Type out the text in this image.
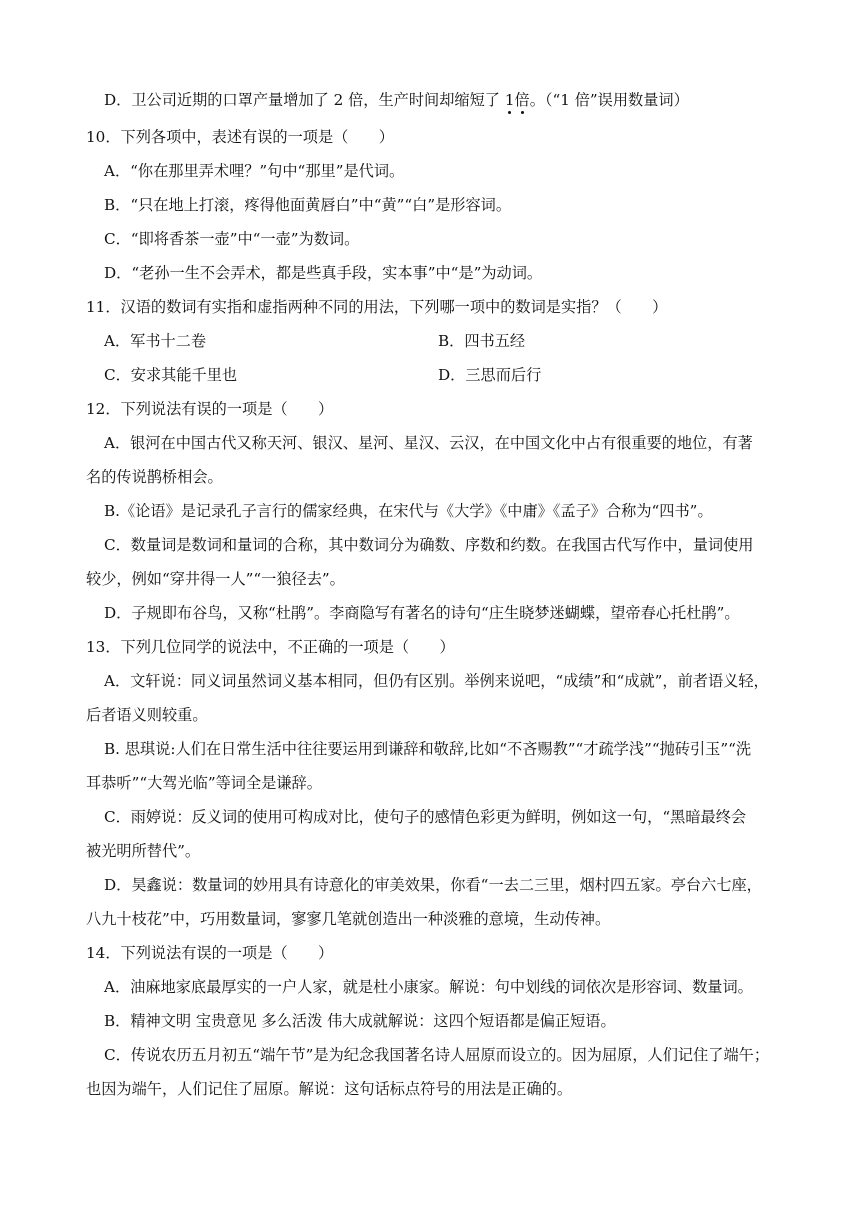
D．卫公司近期的口罩产量增加了 2 倍，生产时间却缩短了 1倍。（“1 倍”误用数量词）
10．下列各项中，表述有误的一项是（　　）
A．“你在那里弄术哩？”句中“那里”是代词。
B．“只在地上打滚，疼得他面黄唇白”中“黄”“白”是形容词。
C．“即将香茶一壶”中“一壶”为数词。
D．“老孙一生不会弄术，都是些真手段，实本事”中“是”为动词。
11．汉语的数词有实指和虚指两种不同的用法，下列哪一项中的数词是实指？（　　）
A．军书十二卷	B．四书五经
C．安求其能千里也	D．三思而后行
12．下列说法有误的一项是（　　）
A．银河在中国古代又称天河、银汉、星河、星汉、云汉，在中国文化中占有很重要的地位，有著
名的传说鹊桥相会。
B.《论语》是记录孔子言行的儒家经典，在宋代与《大学》《中庸》《孟子》合称为“四书”。
C．数量词是数词和量词的合称，其中数词分为确数、序数和约数。在我国古代写作中，量词使用
较少，例如“穿井得一人”“一狼径去”。
D．子规即布谷鸟，又称“杜鹃”。李商隐写有著名的诗句“庄生晓梦迷蝴蝶，望帝春心托杜鹃”。
13．下列几位同学的说法中，不正确的一项是（　　）
A．文轩说：同义词虽然词义基本相同，但仍有区别。举例来说吧，“成绩”和“成就”，前者语义轻，
后者语义则较重。
B. 思琪说:人们在日常生活中往往要运用到谦辞和敬辞,比如“不吝赐教”“才疏学浅”“抛砖引玉”“洗
耳恭听”“大驾光临”等词全是谦辞。
C．雨婷说：反义词的使用可构成对比，使句子的感情色彩更为鲜明，例如这一句，“黑暗最终会
被光明所替代”。
D．昊鑫说：数量词的妙用具有诗意化的审美效果，你看“一去二三里，烟村四五家。亭台六七座，
八九十枝花”中，巧用数量词，寥寥几笔就创造出一种淡雅的意境，生动传神。
14．下列说法有误的一项是（　　）
A．油麻地家底最厚实的一户人家，就是杜小康家。解说：句中划线的词依次是形容词、数量词。
B．精神文明 宝贵意见 多么活泼 伟大成就解说：这四个短语都是偏正短语。
C．传说农历五月初五“端午节”是为纪念我国著名诗人屈原而设立的。因为屈原，人们记住了端午；
也因为端午，人们记住了屈原。解说：这句话标点符号的用法是正确的。
